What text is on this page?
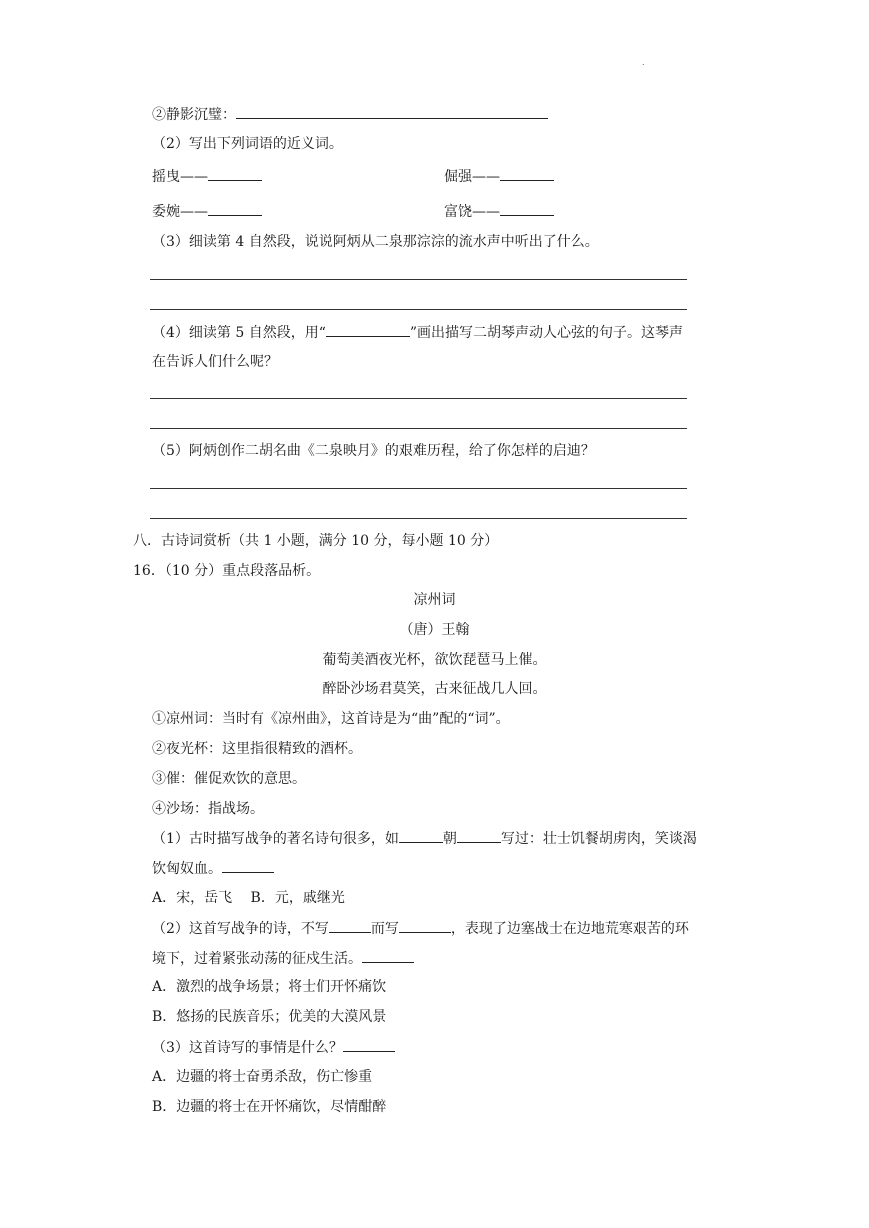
.
②静影沉璧：
（2）写出下列词语的近义词。
摇曳——	倔强——
委婉——	富饶——
（3）细读第 4 自然段，说说阿炳从二泉那淙淙的流水声中听出了什么。
（4）细读第 5 自然段，用“	”画出描写二胡琴声动人心弦的句子。这琴声
在告诉人们什么呢？
（5）阿炳创作二胡名曲《二泉映月》的艰难历程，给了你怎样的启迪？
八．古诗词赏析（共 1 小题，满分 10 分，每小题 10 分）
16．（10 分）重点段落品析。
凉州词
（唐）王翰
葡萄美酒夜光杯，欲饮琵琶马上催。
醉卧沙场君莫笑，古来征战几人回。
①凉州词：当时有《凉州曲》，这首诗是为“曲”配的“词”。
②夜光杯：这里指很精致的酒杯。
③催：催促欢饮的意思。
④沙场：指战场。
（1）古时描写战争的著名诗句很多，如	朝	写过：壮士饥餐胡虏肉，笑谈渴
饮匈奴血。
A．宋，岳飞　 B．元，戚继光
（2）这首写战争的诗，不写	而写	，表现了边塞战士在边地荒寒艰苦的环
境下，过着紧张动荡的征戍生活。
A．激烈的战争场景；将士们开怀痛饮
B．悠扬的民族音乐；优美的大漠风景
（3）这首诗写的事情是什么？
A．边疆的将士奋勇杀敌，伤亡惨重
B．边疆的将士在开怀痛饮，尽情酣醉
